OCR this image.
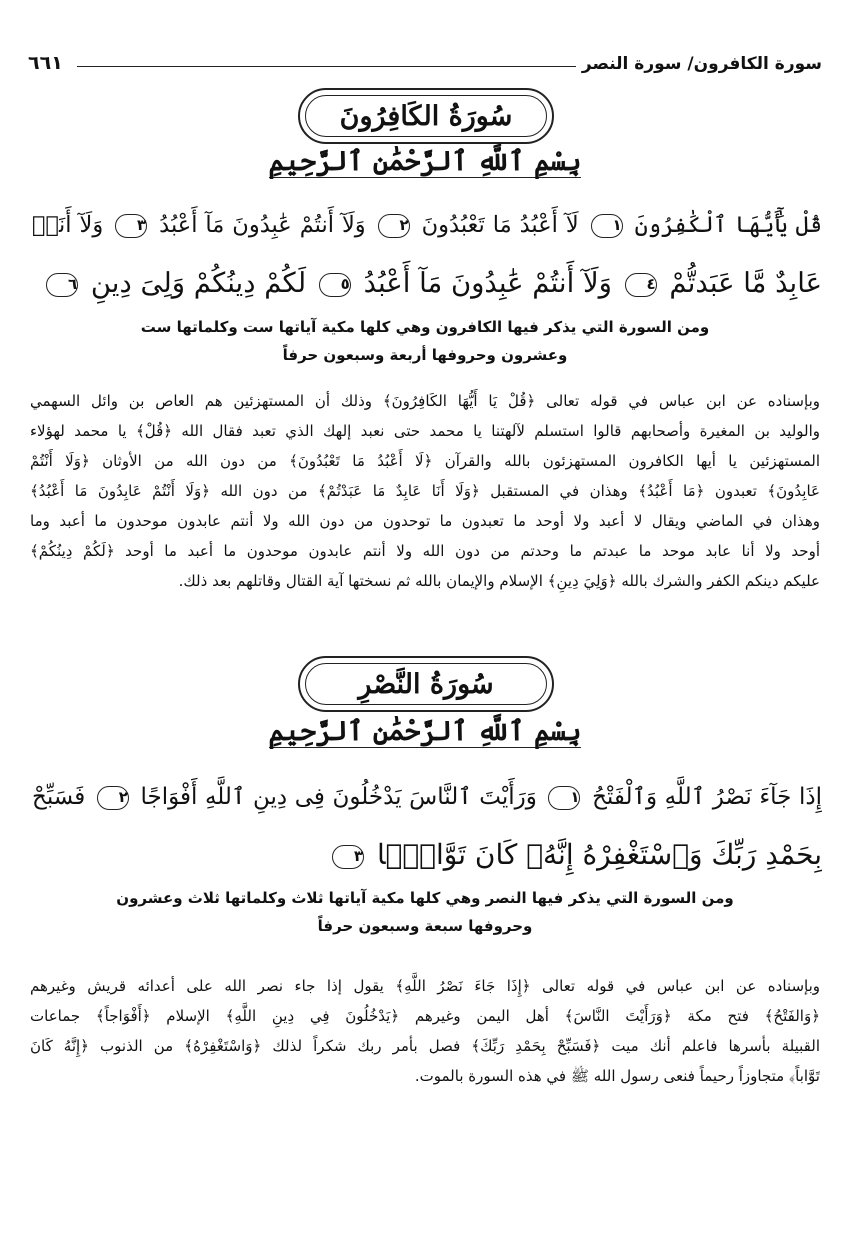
٦٦١	سورة الكافرون/ سورة النصر
سُورَةُ الكَافِرُونَ
بِسْمِ ٱللَّهِ ٱلرَّحْمَٰنِ ٱلرَّحِيمِ
قُلْ يَٰٓأَيُّهَا ٱلْكَٰفِرُونَ ١ لَآ أَعْبُدُ مَا تَعْبُدُونَ ٢ وَلَآ أَنتُمْ عَٰبِدُونَ مَآ أَعْبُدُ ٣ وَلَآ أَنَا۠
عَابِدٌ مَّا عَبَدتُّمْ ٤ وَلَآ أَنتُمْ عَٰبِدُونَ مَآ أَعْبُدُ ٥ لَكُمْ دِينُكُمْ وَلِىَ دِينِ ٦
ومن السورة التي يذكر فيها الكافرون وهي كلها مكية آياتها ست وكلماتها ست
وعشرون وحروفها أربعة وسبعون حرفاً
وبإسناده عن ابن عباس في قوله تعالى ﴿قُلْ يَا أَيُّهَا الكَافِرُونَ﴾ وذلك أن المستهزئين هم العاص بن وائل السهمي
والوليد بن المغيرة وأصحابهم قالوا استسلم لآلهتنا يا محمد حتى نعبد إلهك الذي تعبد فقال الله ﴿قُلْ﴾ يا محمد لهؤلاء
المستهزئين يا أيها الكافرون المستهزئون بالله والقرآن ﴿لَا أَعْبُدُ مَا تَعْبُدُونَ﴾ من دون الله من الأوثان ﴿وَلَا أَنْتُمْ
عَابِدُونَ﴾ تعبدون ﴿مَا أَعْبُدُ﴾ وهذان في المستقبل ﴿وَلَا أَنَا عَابِدٌ مَا عَبَدْتُمْ﴾ من دون الله ﴿وَلَا أَنْتُمْ عَابِدُونَ مَا أَعْبُدُ﴾
وهذان في الماضي ويقال لا أعبد ولا أوحد ما تعبدون ما توحدون من دون الله ولا أنتم عابدون موحدون ما أعبد وما
أوحد ولا أنا عابد موحد ما عبدتم ما وحدتم من دون الله ولا أنتم عابدون موحدون ما أعبد ما أوحد ﴿لَكُمْ دِينُكُمْ﴾
عليكم دينكم الكفر والشرك بالله ﴿وَلِيَ دِينِ﴾ الإسلام والإيمان بالله ثم نسختها آية القتال وقاتلهم بعد ذلك.
سُورَةُ النَّصْرِ
بِسْمِ ٱللَّهِ ٱلرَّحْمَٰنِ ٱلرَّحِيمِ
إِذَا جَآءَ نَصْرُ ٱللَّهِ وَٱلْفَتْحُ ١ وَرَأَيْتَ ٱلنَّاسَ يَدْخُلُونَ فِى دِينِ ٱللَّهِ أَفْوَاجًا ٢ فَسَبِّحْ
بِحَمْدِ رَبِّكَ وَٱسْتَغْفِرْهُ إِنَّهُۥ كَانَ تَوَّابًۢا ٣
ومن السورة التي يذكر فيها النصر وهي كلها مكية آياتها ثلاث وكلماتها ثلاث وعشرون
وحروفها سبعة وسبعون حرفاً
وبإسناده عن ابن عباس في قوله تعالى ﴿إِذَا جَاءَ نَصْرُ اللَّهِ﴾ يقول إذا جاء نصر الله على أعدائه قريش وغيرهم
﴿وَالفَتْحُ﴾ فتح مكة ﴿وَرَأَيْتَ النَّاسَ﴾ أهل اليمن وغيرهم ﴿يَدْخُلُونَ فِي دِينِ اللَّهِ﴾ الإسلام ﴿أَفْوَاجاً﴾ جماعات
القبيلة بأسرها فاعلم أنك ميت ﴿فَسَبِّحْ بِحَمْدِ رَبِّكَ﴾ فصل بأمر ربك شكراً لذلك ﴿وَاسْتَغْفِرْهُ﴾ من الذنوب ﴿إِنَّهُ كَانَ
تَوَّاباً﴾ متجاوزاً رحيماً فنعى رسول الله ﷺ في هذه السورة بالموت.
